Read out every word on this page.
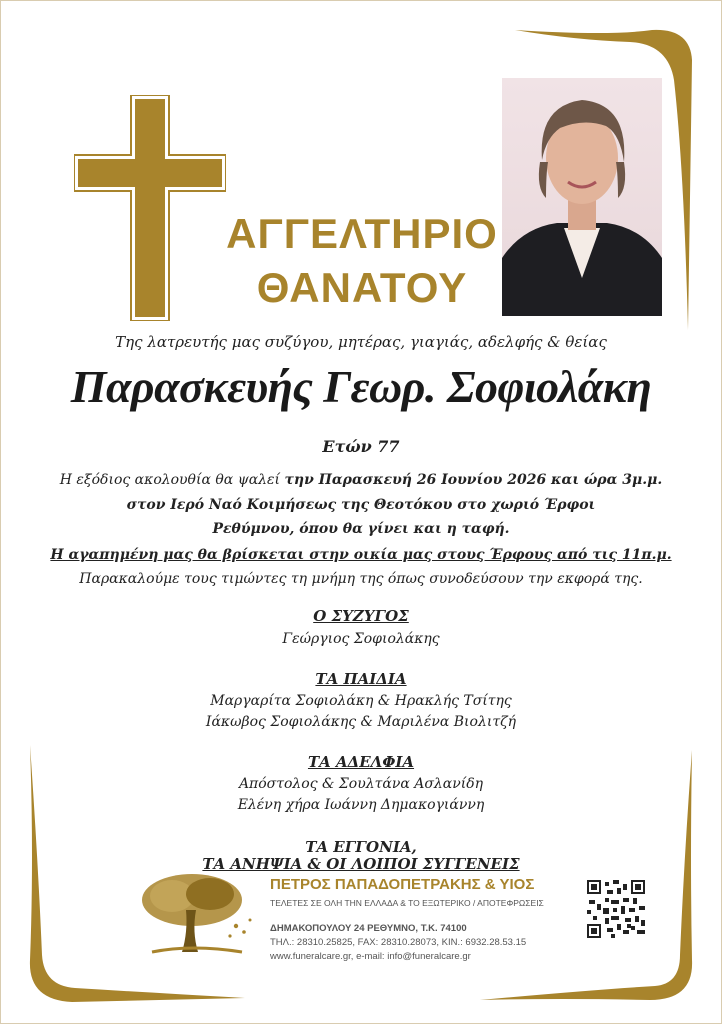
ΑΓΓΕΛΤΗΡΙΟ
ΘΑΝΑΤΟΥ
Της λατρευτής μας συζύγου, μητέρας, γιαγιάς, αδελφής & θείας
Παρασκευής Γεωρ. Σοφιολάκη
Ετών 77
Η εξόδιος ακολουθία θα ψαλεί την Παρασκευή 26 Ιουνίου 2026 και ώρα 3μ.μ.
στον Ιερό Ναό Κοιμήσεως της Θεοτόκου στο χωριό Έρφοι
Ρεθύμνου, όπου θα γίνει και η ταφή.
Η αγαπημένη μας θα βρίσκεται στην οικία μας στους Έρφους από τις 11π.μ.
Παρακαλούμε τους τιμώντες τη μνήμη της όπως συνοδεύσουν την εκφορά της.
Ο ΣΥΖΥΓΟΣ
Γεώργιος Σοφιολάκης
ΤΑ ΠΑΙΔΙΑ
Μαργαρίτα Σοφιολάκη & Ηρακλής Τσίτης
Ιάκωβος Σοφιολάκης & Μαριλένα Βιολιτζή
ΤΑ ΑΔΕΛΦΙΑ
Απόστολος & Σουλτάνα Ασλανίδη
Ελένη χήρα Ιωάννη Δημακογιάννη
ΤΑ ΕΓΓΟΝΙΑ,
ΤΑ ΑΝΗΨΙΑ & ΟΙ ΛΟΙΠΟΙ ΣΥΓΓΕΝΕΙΣ
ΠΕΤΡΟΣ ΠΑΠΑΔΟΠΕΤΡΑΚΗΣ & ΥΙΟΣ
ΤΕΛΕΤΕΣ ΣΕ ΟΛΗ ΤΗΝ ΕΛΛΑΔΑ & ΤΟ ΕΞΩΤΕΡΙΚΟ / ΑΠΟΤΕΦΡΩΣΕΙΣ
ΔΗΜΑΚΟΠΟΥΛΟΥ 24 ΡΕΘΥΜΝΟ, Τ.Κ. 74100
ΤΗΛ.: 28310.25825, FAX: 28310.28073, ΚΙΝ.: 6932.28.53.15
www.funeralcare.gr, e-mail: info@funeralcare.gr
